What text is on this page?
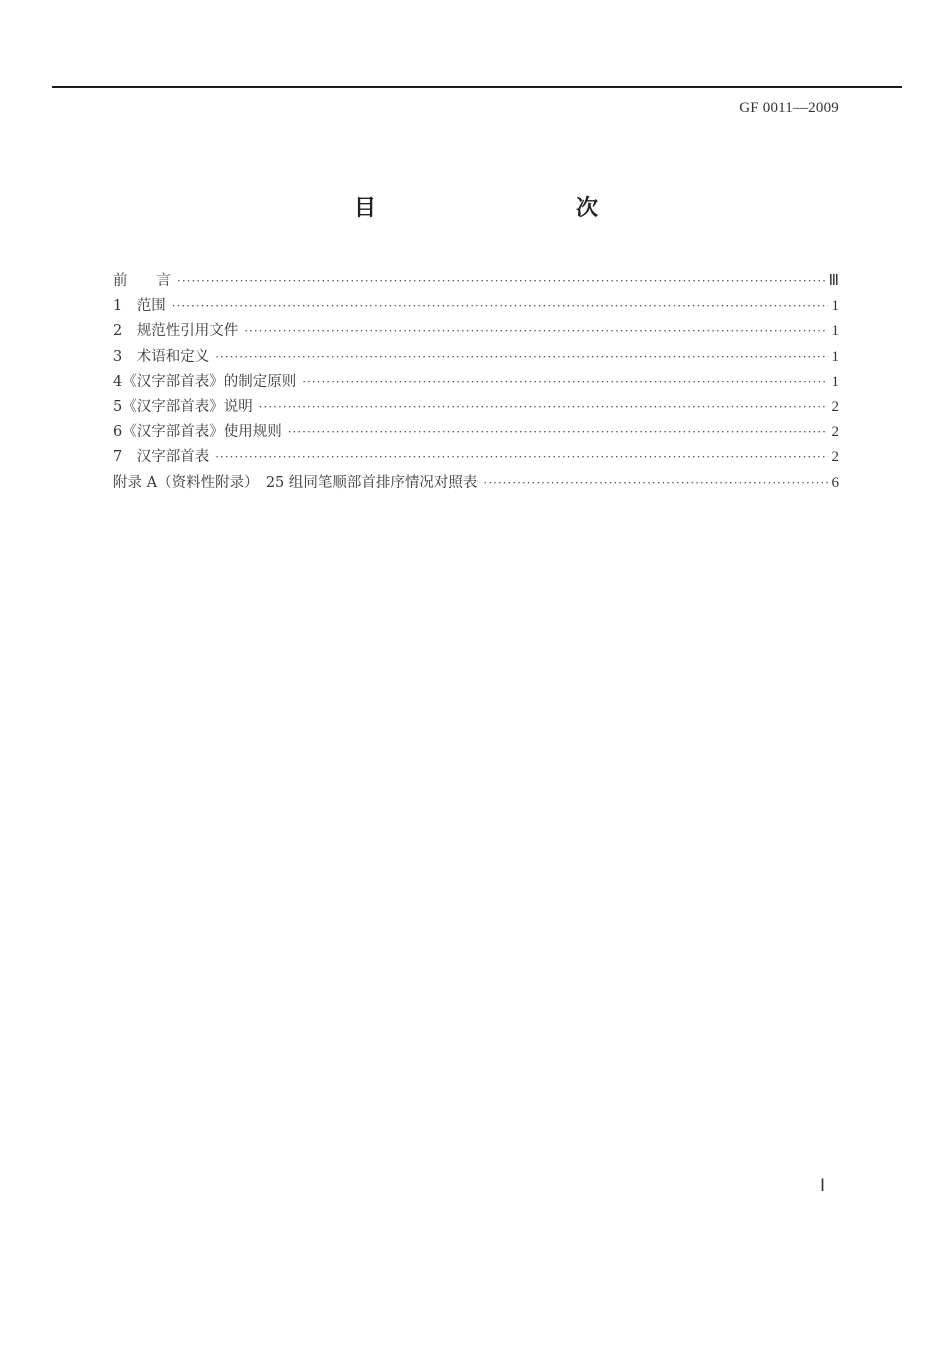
GF 0011—2009
目　　次
前　　言 ·····	Ⅲ
1　范围 ·····	1
2　规范性引用文件 ·····	1
3　术语和定义 ·····	1
4《汉字部首表》的制定原则 ·····	1
5《汉字部首表》说明 ·····	2
6《汉字部首表》使用规则 ·····	2
7　汉字部首表 ·····	2
附录 A（资料性附录）　25 组同笔顺部首排序情况对照表 ·····	6
Ⅰ
